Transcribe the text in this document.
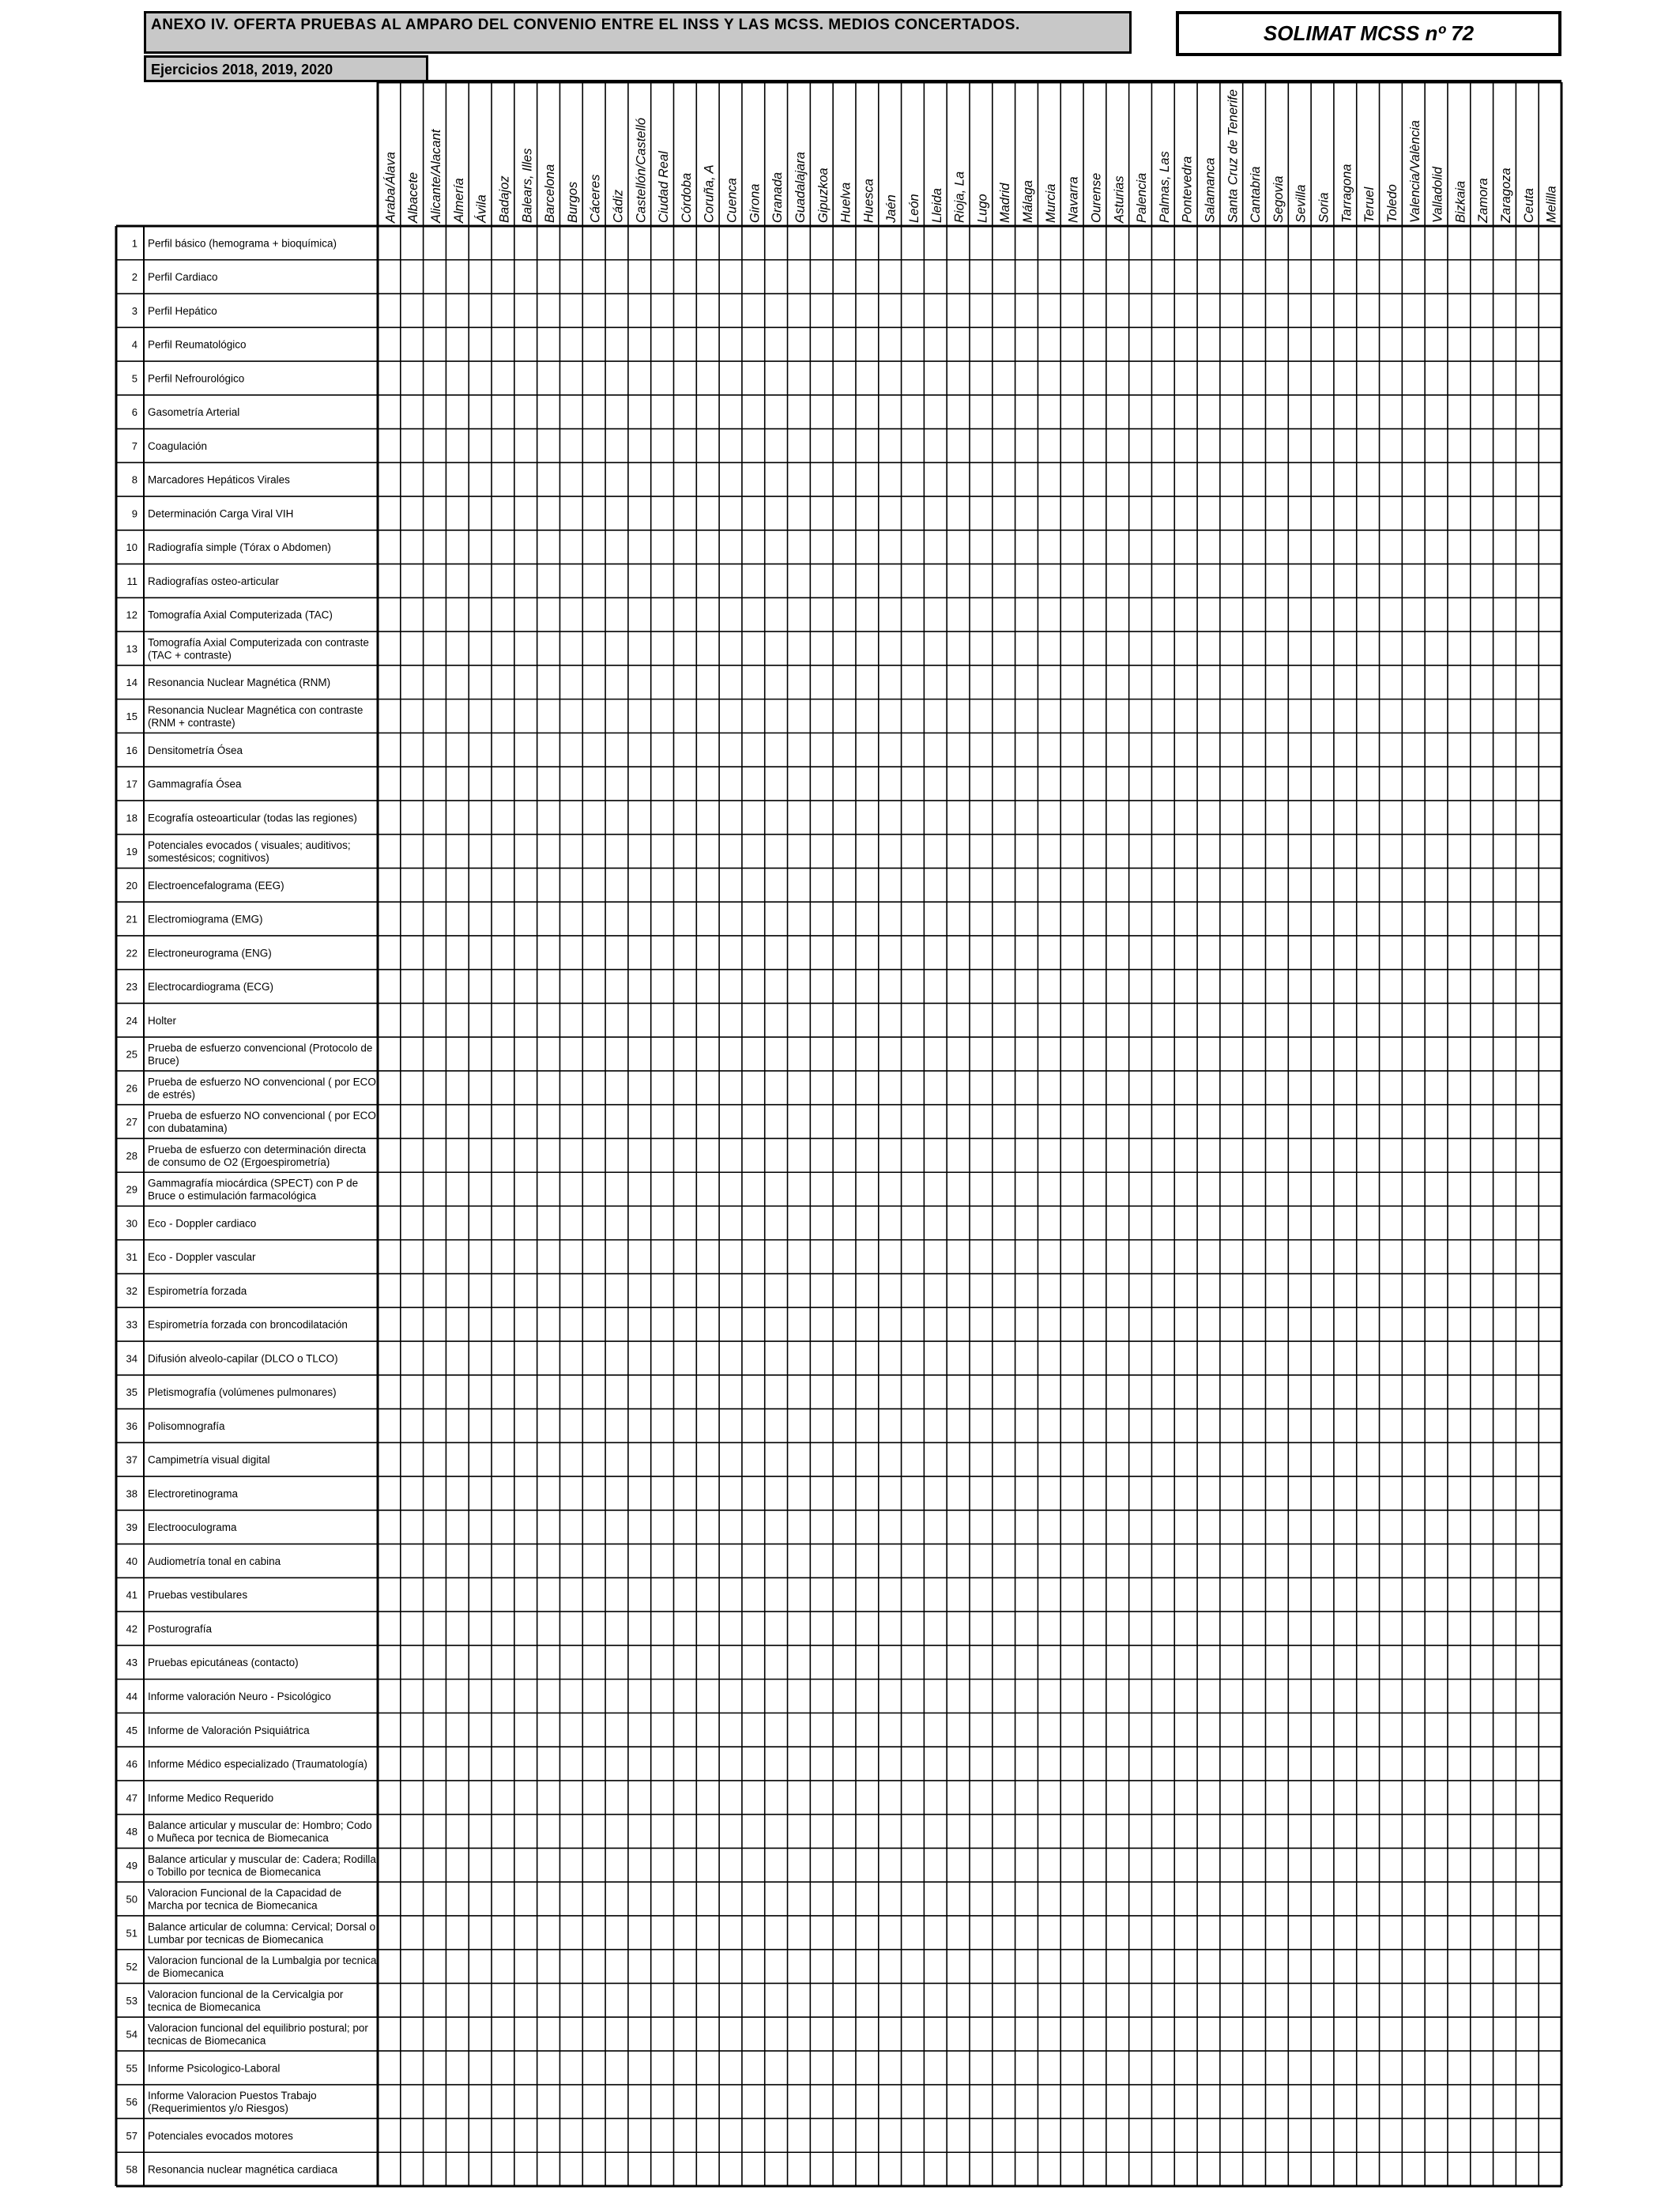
ANEXO IV. OFERTA PRUEBAS AL AMPARO DEL CONVENIO ENTRE EL INSS Y LAS MCSS. MEDIOS CONCERTADOS.
Ejercicios 2018, 2019, 2020
SOLIMAT MCSS nº 72
Araba/Álava Albacete Alicante/Alacant Almería Ávila Badajoz Balears, Illes Barcelona Burgos Cáceres Cádiz Castellón/Castelló Ciudad Real Córdoba Coruña, A Cuenca Girona Granada Guadalajara Gipuzkoa Huelva Huesca Jaén León Lleida Rioja, La Lugo Madrid Málaga Murcia Navarra Ourense Asturias Palencia Palmas, Las Pontevedra Salamanca Santa Cruz de Tenerife Cantabria Segovia Sevilla Soria Tarragona Teruel Toledo Valencia/València Valladolid Bizkaia Zamora Zaragoza Ceuta Melilla
1 Perfil básico (hemograma + bioquímica)
2 Perfil Cardiaco
3 Perfil Hepático
4 Perfil Reumatológico
5 Perfil Nefrourológico
6 Gasometría Arterial
7 Coagulación
8 Marcadores Hepáticos Virales
9 Determinación Carga Viral VIH
10 Radiografía simple (Tórax o Abdomen)
11 Radiografías osteo-articular
12 Tomografía Axial Computerizada (TAC)
13
Tomografía Axial Computerizada con contraste
(TAC + contraste)
14 Resonancia Nuclear Magnética (RNM)
15
Resonancia Nuclear Magnética con contraste
(RNM + contraste)
16 Densitometría Ósea
17 Gammagrafía Ósea
18 Ecografía osteoarticular (todas las regiones)
19
Potenciales evocados ( visuales; auditivos;
somestésicos; cognitivos)
20 Electroencefalograma (EEG)
21 Electromiograma (EMG)
22 Electroneurograma (ENG)
23 Electrocardiograma (ECG)
24 Holter
25
Prueba de esfuerzo convencional (Protocolo de
Bruce)
26
Prueba de esfuerzo NO convencional ( por ECO
de estrés)
27
Prueba de esfuerzo NO convencional ( por ECO
con dubatamina)
28
Prueba de esfuerzo con determinación directa
de consumo de O2 (Ergoespirometría)
29
Gammagrafía miocárdica (SPECT) con P de
Bruce o estimulación farmacológica
30 Eco - Doppler cardiaco
31 Eco - Doppler vascular
32 Espirometría forzada
33 Espirometría forzada con broncodilatación
34 Difusión alveolo-capilar (DLCO o TLCO)
35 Pletismografía (volúmenes pulmonares)
36 Polisomnografía
37 Campimetría visual digital
38 Electroretinograma
39 Electrooculograma
40 Audiometría tonal en cabina
41 Pruebas vestibulares
42 Posturografía
43 Pruebas epicutáneas (contacto)
44 Informe valoración Neuro - Psicológico
45 Informe de Valoración Psiquiátrica
46 Informe Médico especializado (Traumatología)
47 Informe Medico Requerido
48
Balance articular y muscular de: Hombro; Codo
o Muñeca por tecnica de Biomecanica
49
Balance articular y muscular de: Cadera; Rodilla
o Tobillo por tecnica de Biomecanica
50
Valoracion Funcional de la Capacidad de
Marcha por tecnica de Biomecanica
51
Balance articular de columna: Cervical; Dorsal o
Lumbar por tecnicas de Biomecanica
52
Valoracion funcional de la Lumbalgia por tecnica
de Biomecanica
53
Valoracion funcional de la Cervicalgia por
tecnica de Biomecanica
54
Valoracion funcional del equilibrio postural; por
tecnicas de Biomecanica
55 Informe Psicologico-Laboral
56
Informe Valoracion Puestos Trabajo
(Requerimientos y/o Riesgos)
57 Potenciales evocados motores
58 Resonancia nuclear magnética cardiaca
